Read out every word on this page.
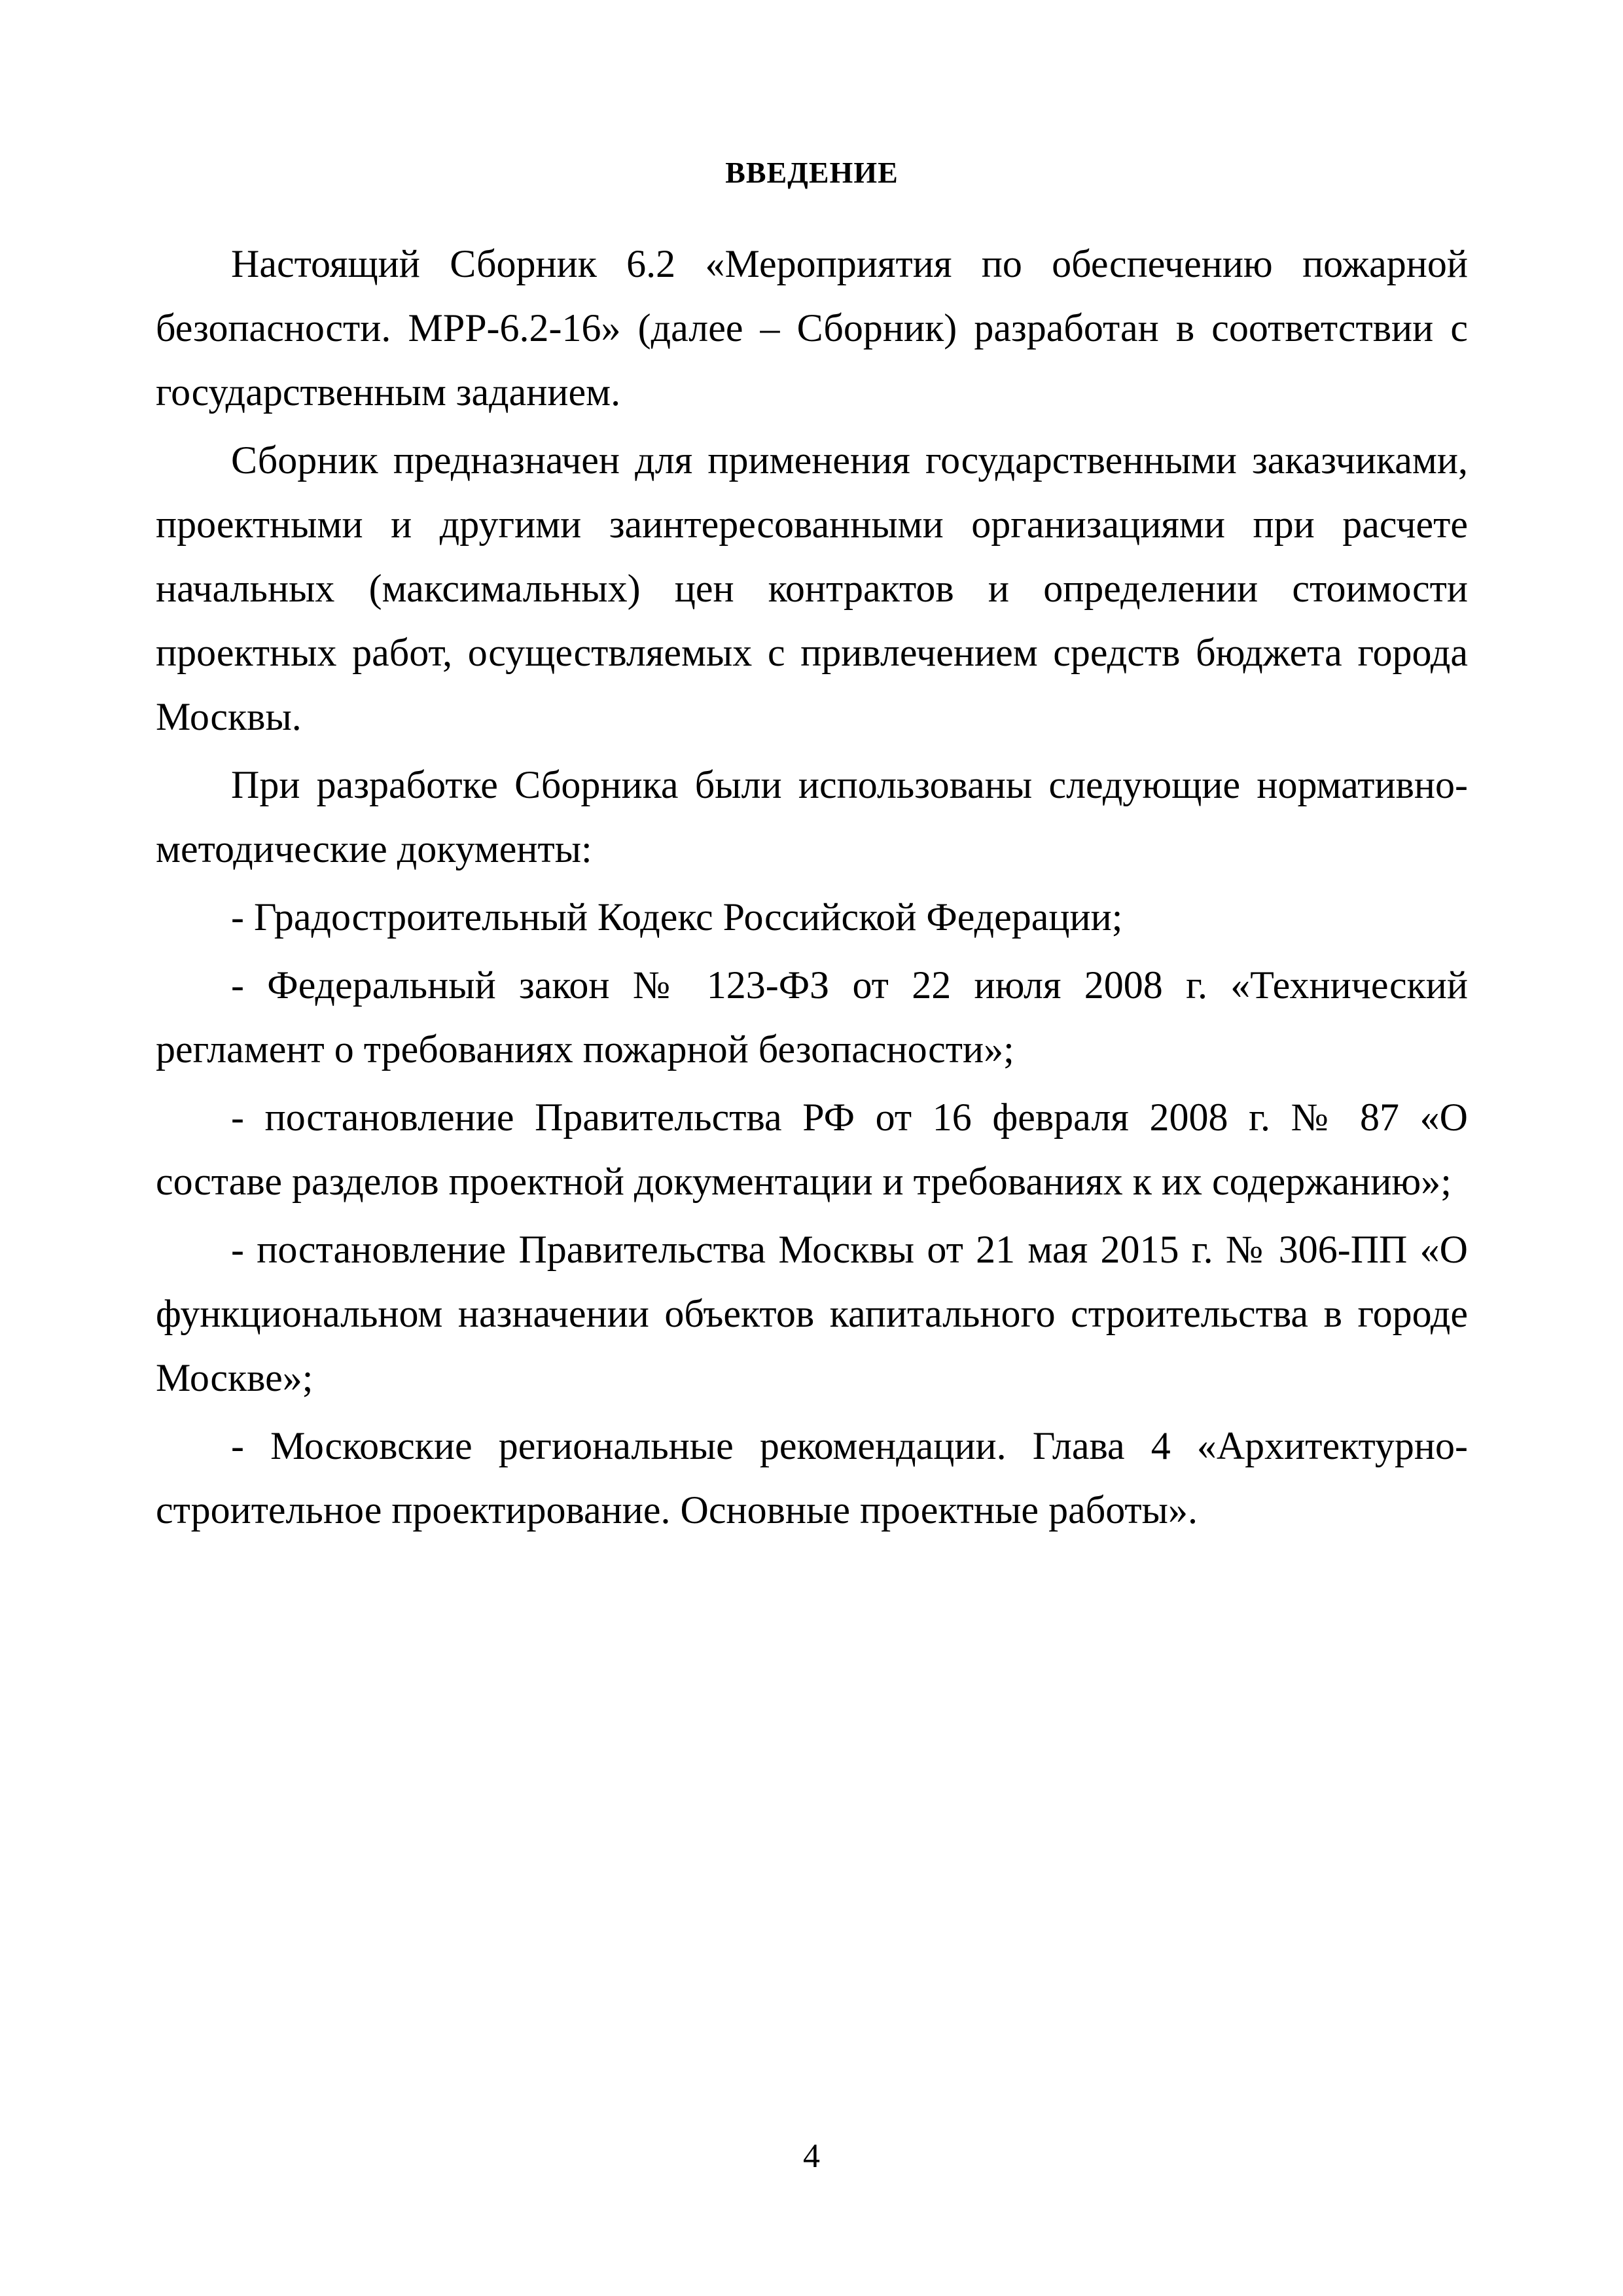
ВВЕДЕНИЕ

Настоящий Сборник 6.2 «Мероприятия по обеспечению пожарной безопасности. МРР-6.2-16» (далее – Сборник) разработан в соответствии с государственным заданием.

Сборник предназначен для применения государственными заказчиками, проектными и другими заинтересованными организациями при расчете начальных (максимальных) цен контрактов и определении стоимости проектных работ, осуществляемых с привлечением средств бюджета города Москвы.

При разработке Сборника были использованы следующие нормативно-методические документы:

- Градостроительный Кодекс Российской Федерации;

- Федеральный закон № 123-ФЗ от 22 июля 2008 г. «Технический регламент о требованиях пожарной безопасности»;

- постановление Правительства РФ от 16 февраля 2008 г. № 87 «О составе разделов проектной документации и требованиях к их содержанию»;

- постановление Правительства Москвы от 21 мая 2015 г. № 306-ПП «О функциональном назначении объектов капитального строительства в городе Москве»;

- Московские региональные рекомендации. Глава 4 «Архитектурно-строительное проектирование. Основные проектные работы».

4
